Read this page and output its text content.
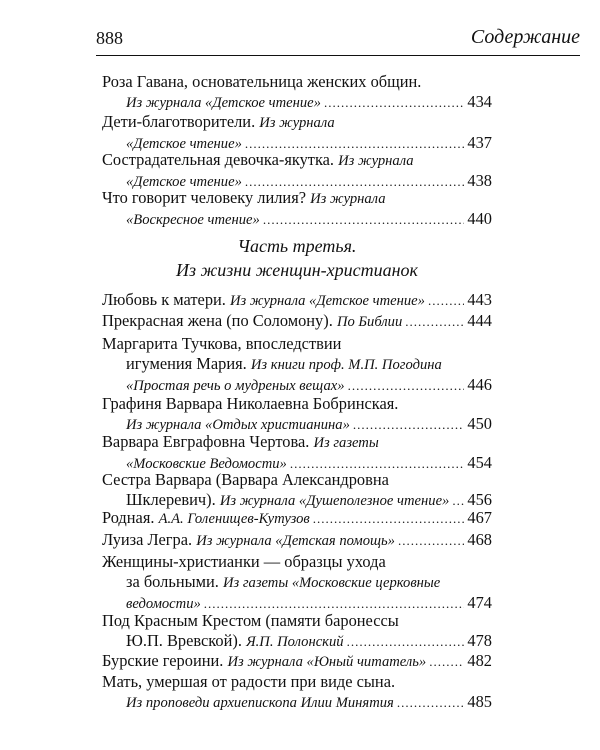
888	Содержание
Роза Гавана, основательница женских общин.
Из журнала «Детское чтение» .....	434
Дети-благотворители. Из журнала
«Детское чтение» .....	437
Сострадательная девочка-якутка. Из журнала
«Детское чтение» .....	438
Что говорит человеку лилия? Из журнала
«Воскресное чтение» .....	440
Часть третья.
Из жизни женщин-христианок
Любовь к матери.
Из журнала «Детское чтение» .....	443
Прекрасная жена (по Соломону).
По Библии .....	444
Маргарита Тучкова, впоследствии
игумения Мария. Из книги проф. М.П. Погодина
«Простая речь о мудреных вещах» .....	446
Графиня Варвара Николаевна Бобринская.
Из журнала «Отдых христианина» .....	450
Варвара Евграфовна Чертова. Из газеты
«Московские Ведомости» .....	454
Сестра Варвара (Варвара Александровна
Шклеревич).
Из журнала «Душеполезное чтение» ..... 456
Родная.
А.А. Голенищев-Кутузов .....	467
Луиза Легра.
Из журнала «Детская помощь» .....	468
Женщины-христианки — образцы ухода
за больными. Из газеты «Московские церковные
ведомости» .....	474
Под Красным Крестом (памяти баронессы
Ю.П. Вревской).
Я.П. Полонский .....	478
Бурские героини.
Из журнала «Юный читатель» .....	482
Мать, умершая от радости при виде сына.
Из проповеди архиепископа Илии Минятия .....	485
